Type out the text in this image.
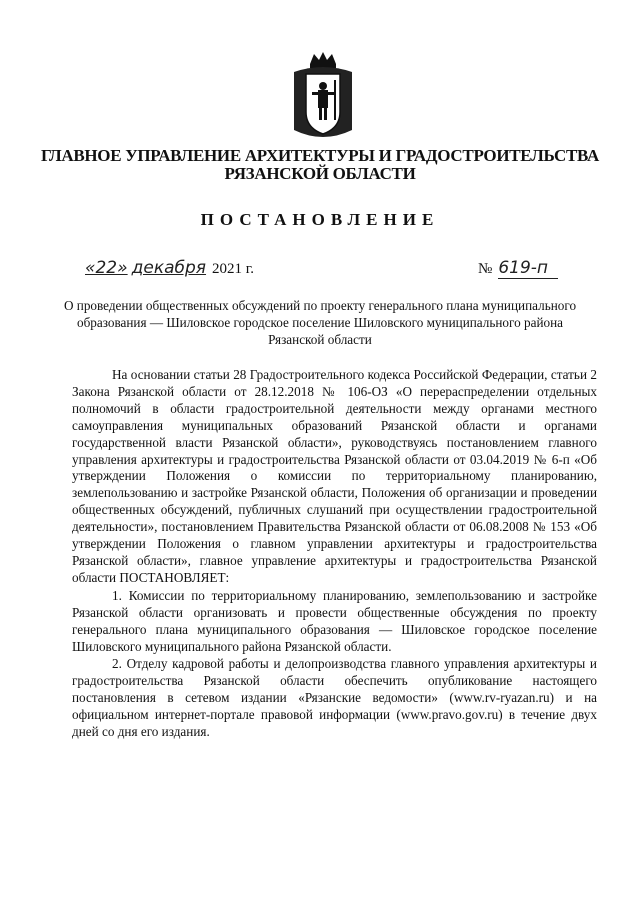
ГЛАВНОЕ УПРАВЛЕНИЕ АРХИТЕКТУРЫ И ГРАДОСТРОИТЕЛЬСТВА
РЯЗАНСКОЙ ОБЛАСТИ
ПОСТАНОВЛЕНИЕ
«22» декабря 2021 г.	№ 619-п
О проведении общественных обсуждений по проекту генерального плана муниципального образования — Шиловское городское поселение Шиловского муниципального района Рязанской области

На основании статьи 28 Градостроительного кодекса Российской Федерации, статьи 2 Закона Рязанской области от 28.12.2018 № 106-ОЗ «О перераспределении отдельных полномочий в области градостроительной деятельности между органами местного самоуправления муниципальных образований Рязанской области и органами государственной власти Рязанской области», руководствуясь постановлением главного управления архитектуры и градостроительства Рязанской области от 03.04.2019 № 6-п «Об утверждении Положения о комиссии по территориальному планированию, землепользованию и застройке Рязанской области, Положения об организации и проведении общественных обсуждений, публичных слушаний при осуществлении градостроительной деятельности», постановлением Правительства Рязанской области от 06.08.2008 № 153 «Об утверждении Положения о главном управлении архитектуры и градостроительства Рязанской области», главное управление архитектуры и градостроительства Рязанской области ПОСТАНОВЛЯЕТ:

1. Комиссии по территориальному планированию, землепользованию и застройке Рязанской области организовать и провести общественные обсуждения по проекту генерального плана муниципального образования — Шиловское городское поселение Шиловского муниципального района Рязанской области.

2. Отделу кадровой работы и делопроизводства главного управления архитектуры и градостроительства Рязанской области обеспечить опубликование настоящего постановления в сетевом издании «Рязанские ведомости» (www.rv-ryazan.ru) и на официальном интернет-портале правовой информации (www.pravo.gov.ru) в течение двух дней со дня его издания.
